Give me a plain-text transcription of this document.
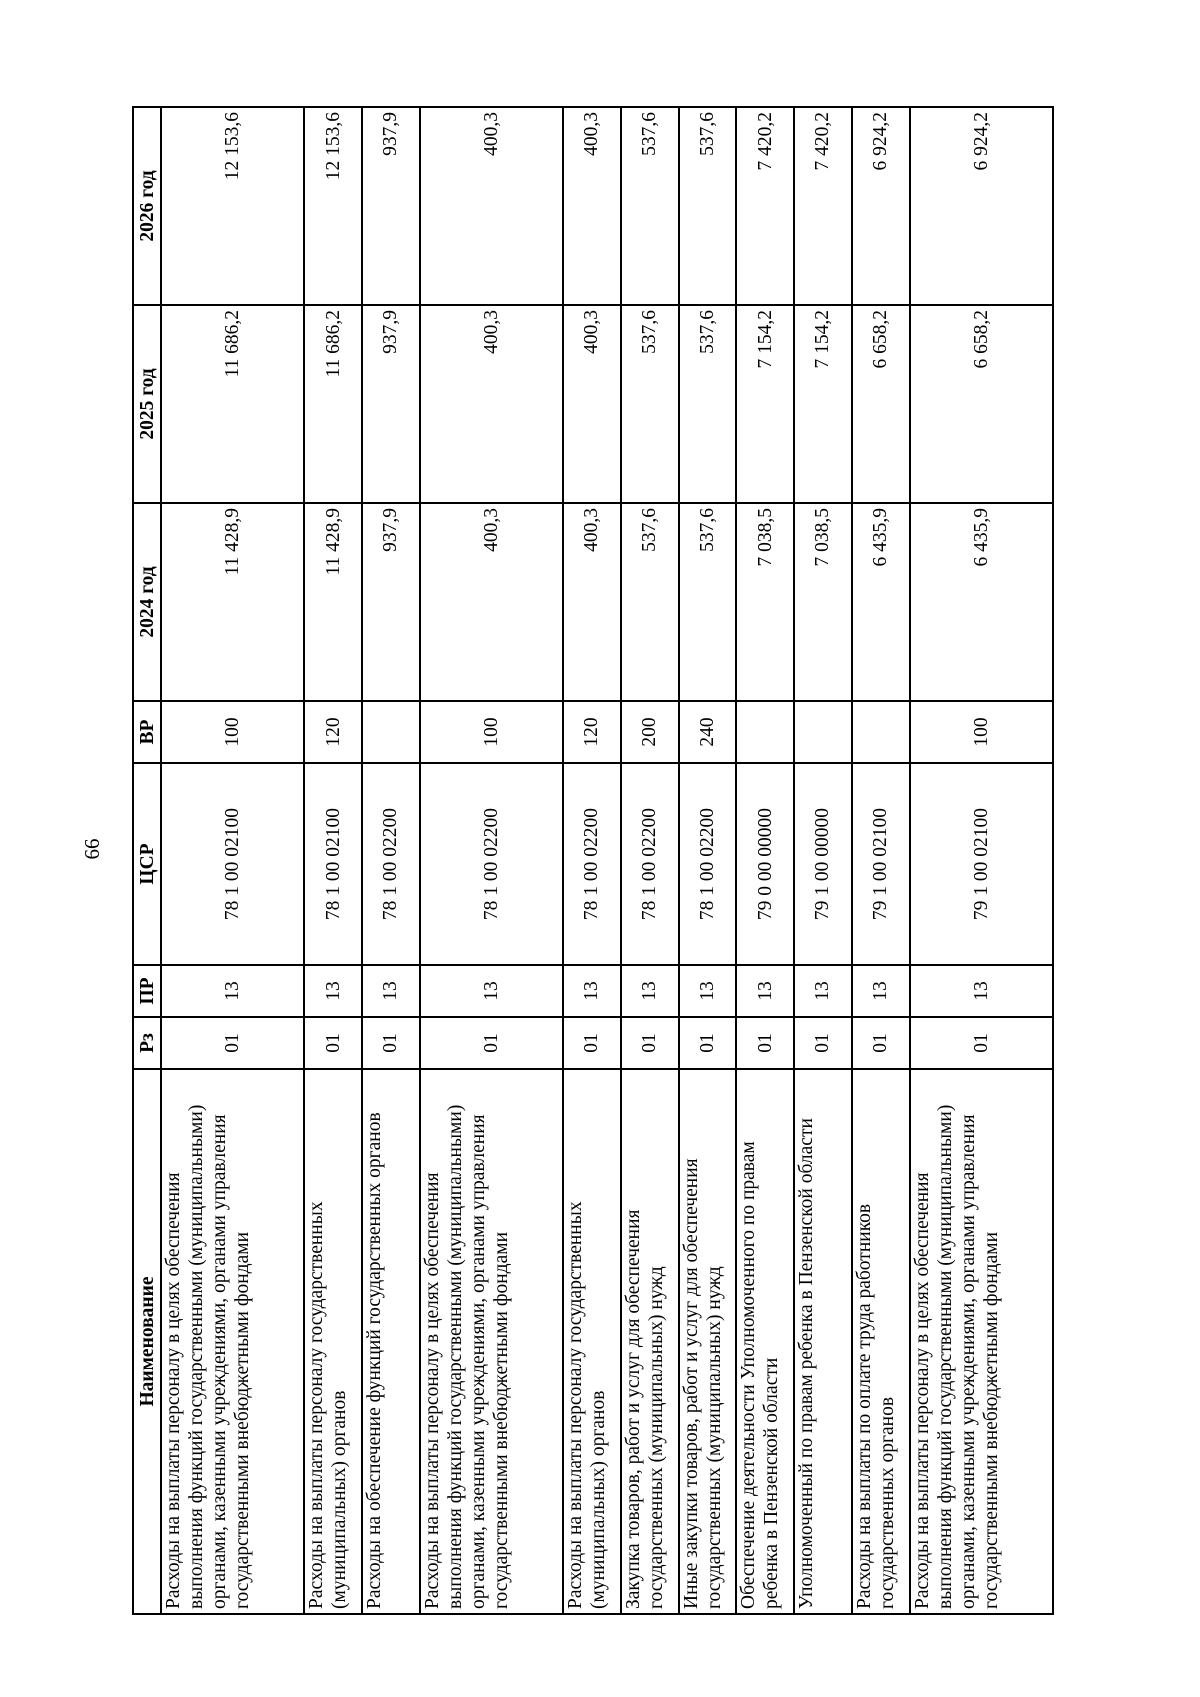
66
Наименование	Рз	ПР	ЦСР	ВР	2024 год	2025 год	2026 год
Расходы на выплаты персоналу в целях обеспечения выполнения функций государственными (муниципальными) органами, казенными учреждениями, органами управления государственными внебюджетными фондами	01	13	78 1 00 02100	100	11 428,9	11 686,2	12 153,6
Расходы на выплаты персоналу государственных (муниципальных) органов	01	13	78 1 00 02100	120	11 428,9	11 686,2	12 153,6
Расходы на обеспечение функций государственных органов	01	13	78 1 00 02200		937,9	937,9	937,9
Расходы на выплаты персоналу в целях обеспечения выполнения функций государственными (муниципальными) органами, казенными учреждениями, органами управления государственными внебюджетными фондами	01	13	78 1 00 02200	100	400,3	400,3	400,3
Расходы на выплаты персоналу государственных (муниципальных) органов	01	13	78 1 00 02200	120	400,3	400,3	400,3
Закупка товаров, работ и услуг для обеспечения государственных (муниципальных) нужд	01	13	78 1 00 02200	200	537,6	537,6	537,6
Иные закупки товаров, работ и услуг для обеспечения государственных (муниципальных) нужд	01	13	78 1 00 02200	240	537,6	537,6	537,6
Обеспечение деятельности Уполномоченного по правам ребенка в Пензенской области	01	13	79 0 00 00000		7 038,5	7 154,2	7 420,2
Уполномоченный по правам ребенка в Пензенской области	01	13	79 1 00 00000		7 038,5	7 154,2	7 420,2
Расходы на выплаты по оплате труда работников государственных органов	01	13	79 1 00 02100		6 435,9	6 658,2	6 924,2
Расходы на выплаты персоналу в целях обеспечения выполнения функций государственными (муниципальными) органами, казенными учреждениями, органами управления государственными внебюджетными фондами	01	13	79 1 00 02100	100	6 435,9	6 658,2	6 924,2
